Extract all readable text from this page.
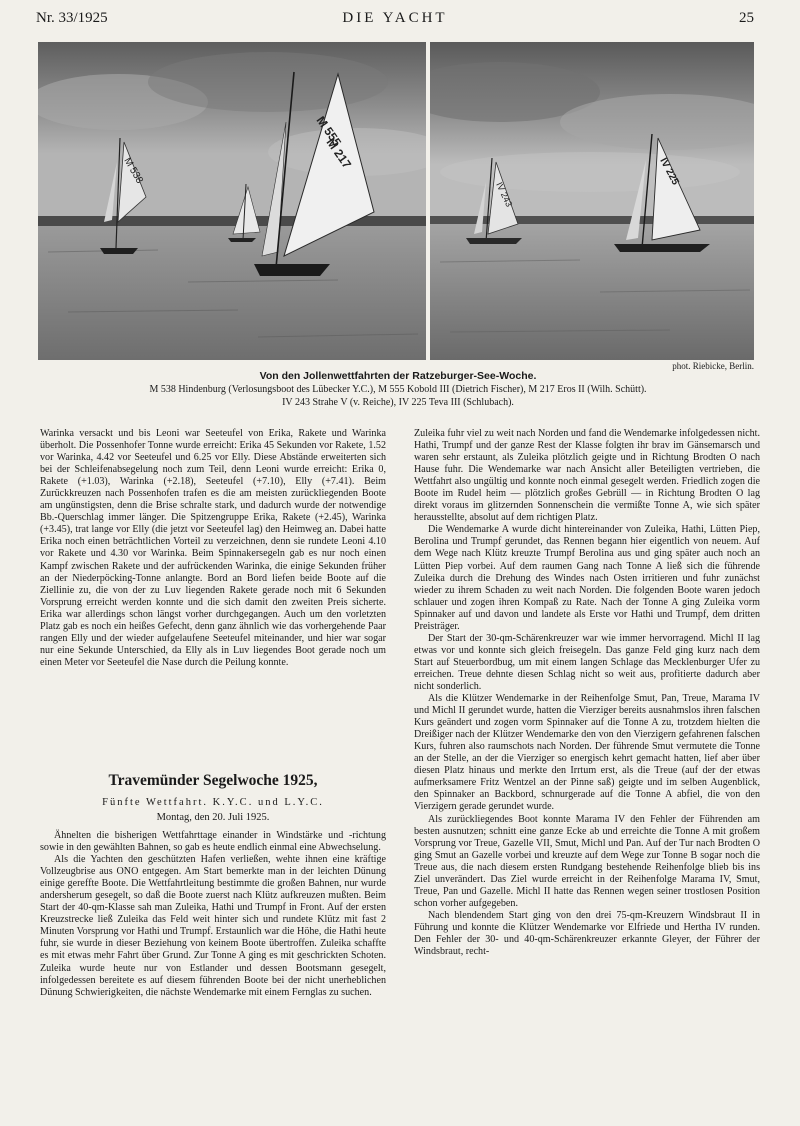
Nr. 33/1925	DIE YACHT	25
M 538
M 555
M 217
IV 243
IV 225
phot. Riebicke, Berlin.
Von den Jollenwettfahrten der Ratzeburger-See-Woche.
M 538 Hindenburg (Verlosungsboot des Lübecker Y.C.), M 555 Kobold III (Dietrich Fischer), M 217 Eros II (Wilh. Schütt).
IV 243 Strahe V (v. Reiche), IV 225 Teva III (Schlubach).

Warinka versackt und bis Leoni war Seeteufel von Erika, Rakete und Warinka überholt. Die Possenhofer Tonne wurde erreicht: Erika 45 Sekunden vor Rakete, 1.52 vor Warinka, 4.42 vor Seeteufel und 6.25 vor Elly. Diese Abstände erweiterten sich bei der Schleifenabsegelung noch zum Teil, denn Leoni wurde erreicht: Erika 0, Rakete (+1.03), Warinka (+2.18), Seeteufel (+7.10), Elly (+7.41). Beim Zurückkreuzen nach Possenhofen trafen es die am meisten zurückliegenden Boote am ungünstigsten, denn die Brise schralte stark, und dadurch wurde der notwendige Bb.-Querschlag immer länger. Die Spitzengruppe Erika, Rakete (+2.45), Warinka (+3.45), trat lange vor Elly (die jetzt vor Seeteufel lag) den Heimweg an. Dabei hatte Erika noch einen beträchtlichen Vorteil zu verzeichnen, denn sie rundete Leoni 4.10 vor Rakete und 4.30 vor Warinka. Beim Spinnakersegeln gab es nur noch einen Kampf zwischen Rakete und der aufrückenden Warinka, die einige Sekunden früher an der Niederpöcking-Tonne anlangte. Bord an Bord liefen beide Boote auf die Ziellinie zu, die von der zu Luv liegenden Rakete gerade noch mit 6 Sekunden Vorsprung erreicht werden konnte und die sich damit den zweiten Preis sicherte. Erika war allerdings schon längst vorher durchgegangen. Auch um den vorletzten Platz gab es noch ein heißes Gefecht, denn ganz ähnlich wie das vorhergehende Paar rangen Elly und der wieder aufgelaufene Seeteufel miteinander, und hier war sogar nur eine Sekunde Unterschied, da Elly als in Luv liegendes Boot gerade noch um einen Meter vor Seeteufel die Nase durch die Peilung konnte.

Travemünder Segelwoche 1925,
Fünfte Wettfahrt. K.Y.C. und L.Y.C.
Montag, den 20. Juli 1925.

Ähnelten die bisherigen Wettfahrttage einander in Windstärke und -richtung sowie in den gewählten Bahnen, so gab es heute endlich einmal eine Abwechselung.

Als die Yachten den geschützten Hafen verließen, wehte ihnen eine kräftige Vollzeugbrise aus ONO entgegen. Am Start bemerkte man in der leichten Dünung einige gereffte Boote. Die Wettfahrtleitung bestimmte die großen Bahnen, nur wurde andersherum gesegelt, so daß die Boote zuerst nach Klütz aufkreuzen mußten. Beim Start der 40-qm-Klasse sah man Zuleika, Hathi und Trumpf in Front. Auf der ersten Kreuzstrecke ließ Zuleika das Feld weit hinter sich und rundete Klütz mit fast 2 Minuten Vorsprung vor Hathi und Trumpf. Erstaunlich war die Höhe, die Hathi heute fuhr, sie wurde in dieser Beziehung von keinem Boote übertroffen. Zuleika schaffte es mit etwas mehr Fahrt über Grund. Zur Tonne A ging es mit geschrickten Schoten. Zuleika wurde heute nur von Estlander und dessen Bootsmann gesegelt, infolgedessen bereitete es auf diesem führenden Boote bei der nicht unerheblichen Dünung Schwierigkeiten, die nächste Wendemarke mit einem Fernglas zu suchen.

Zuleika fuhr viel zu weit nach Norden und fand die Wendemarke infolgedessen nicht. Hathi, Trumpf und der ganze Rest der Klasse folgten ihr brav im Gänsemarsch und waren sehr erstaunt, als Zuleika plötzlich geigte und in Richtung Brodten O nach Hause fuhr. Die Wendemarke war nach Ansicht aller Beteiligten vertrieben, die Wettfahrt also ungültig und konnte noch einmal gesegelt werden. Friedlich zogen die Boote im Rudel heim — plötzlich großes Gebrüll — in Richtung Brodten O lag direkt voraus im glitzernden Sonnenschein die vermißte Tonne A, wie sich später herausstellte, absolut auf dem richtigen Platz.

Die Wendemarke A wurde dicht hintereinander von Zuleika, Hathi, Lütten Piep, Berolina und Trumpf gerundet, das Rennen begann hier eigentlich von neuem. Auf dem Wege nach Klütz kreuzte Trumpf Berolina aus und ging später auch noch an Lütten Piep vorbei. Auf dem raumen Gang nach Tonne A ließ sich die führende Zuleika durch die Drehung des Windes nach Osten irritieren und fuhr zunächst wieder zu ihrem Schaden zu weit nach Norden. Die folgenden Boote waren jedoch schlauer und zogen ihren Kompaß zu Rate. Nach der Tonne A ging Zuleika vorm Spinnaker auf und davon und landete als Erste vor Hathi und Trumpf, dem dritten Preisträger.

Der Start der 30-qm-Schärenkreuzer war wie immer hervorragend. Michl II lag etwas vor und konnte sich gleich freisegeln. Das ganze Feld ging kurz nach dem Start auf Steuerbordbug, um mit einem langen Schlage das Mecklenburger Ufer zu erreichen. Treue dehnte diesen Schlag nicht so weit aus, profitierte dadurch aber nicht sonderlich.

Als die Klützer Wendemarke in der Reihenfolge Smut, Pan, Treue, Marama IV und Michl II gerundet wurde, hatten die Vierziger bereits ausnahmslos ihren falschen Kurs geändert und zogen vorm Spinnaker auf die Tonne A zu, trotzdem hielten die Dreißiger nach der Klützer Wendemarke den von den Vierzigern gefahrenen falschen Kurs, fuhren also raumschots nach Norden. Der führende Smut vermutete die Tonne an der Stelle, an der die Vierziger so energisch kehrt gemacht hatten, lief aber über diesen Platz hinaus und merkte den Irrtum erst, als die Treue (auf der der etwas aufmerksamere Fritz Wentzel an der Pinne saß) geigte und im selben Augenblick, den Spinnaker an Backbord, schnurgerade auf die Tonne A abfiel, die von den Vierzigern gerade gerundet wurde.

Als zurückliegendes Boot konnte Marama IV den Fehler der Führenden am besten ausnutzen; schnitt eine ganze Ecke ab und erreichte die Tonne A mit großem Vorsprung vor Treue, Gazelle VII, Smut, Michl und Pan. Auf der Tur nach Brodten O ging Smut an Gazelle vorbei und kreuzte auf dem Wege zur Tonne B sogar noch die Treue aus, die nach diesem ersten Rundgang bestehende Reihenfolge blieb bis ins Ziel unverändert. Das Ziel wurde erreicht in der Reihenfolge Marama IV, Smut, Treue, Pan und Gazelle. Michl II hatte das Rennen wegen seiner trostlosen Position schon vorher aufgegeben.

Nach blendendem Start ging von den drei 75-qm-Kreuzern Windsbraut II in Führung und konnte die Klützer Wendemarke vor Elfriede und Hertha IV runden. Den Fehler der 30- und 40-qm-Schärenkreuzer erkannte Gleyer, der Führer der Windsbraut, recht-
